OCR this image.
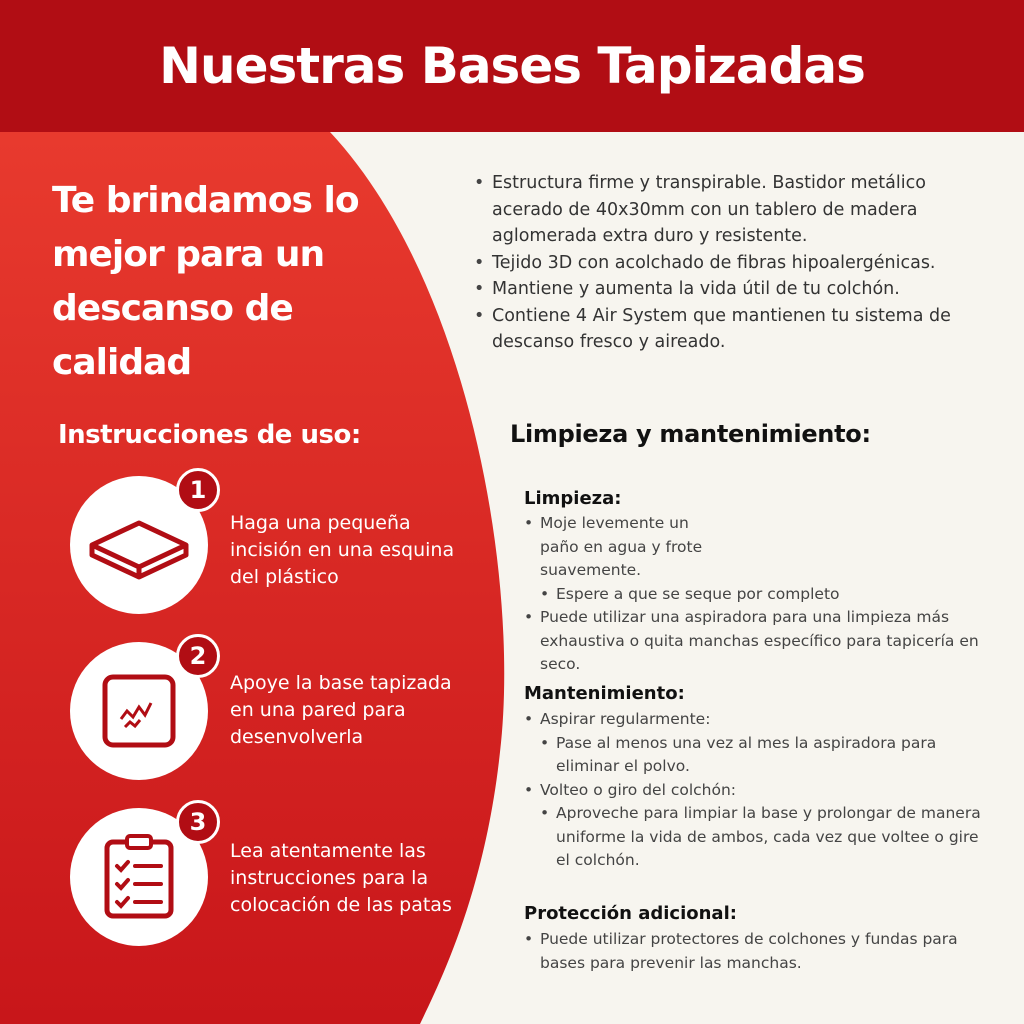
Nuestras Bases Tapizadas
Te brindamos lo mejor para un descanso de calidad
Instrucciones de uso:
1
Haga una pequeña incisión en una esquina del plástico
2
Apoye la base tapizada en una pared para desenvolverla
3
Lea atentamente las instrucciones para la colocación de las patas
• Estructura firme y transpirable. Bastidor metálico acerado de 40x30mm con un tablero de madera aglomerada extra duro y resistente.
• Tejido 3D con acolchado de fibras hipoalergénicas.
• Mantiene y aumenta la vida útil de tu colchón.
• Contiene 4 Air System que mantienen tu sistema de descanso fresco y aireado.
Limpieza y mantenimiento:
Limpieza:
• Moje levemente un paño en agua y frote suavemente.
• Espere a que se seque por completo
• Puede utilizar una aspiradora para una limpieza más exhaustiva o quita manchas específico para tapicería en seco.
Mantenimiento:
• Aspirar regularmente:
• Pase al menos una vez al mes la aspiradora para eliminar el polvo.
• Volteo o giro del colchón:
• Aproveche para limpiar la base y prolongar de manera uniforme la vida de ambos, cada vez que voltee o gire el colchón.
Protección adicional:
• Puede utilizar protectores de colchones y fundas para bases para prevenir las manchas.
